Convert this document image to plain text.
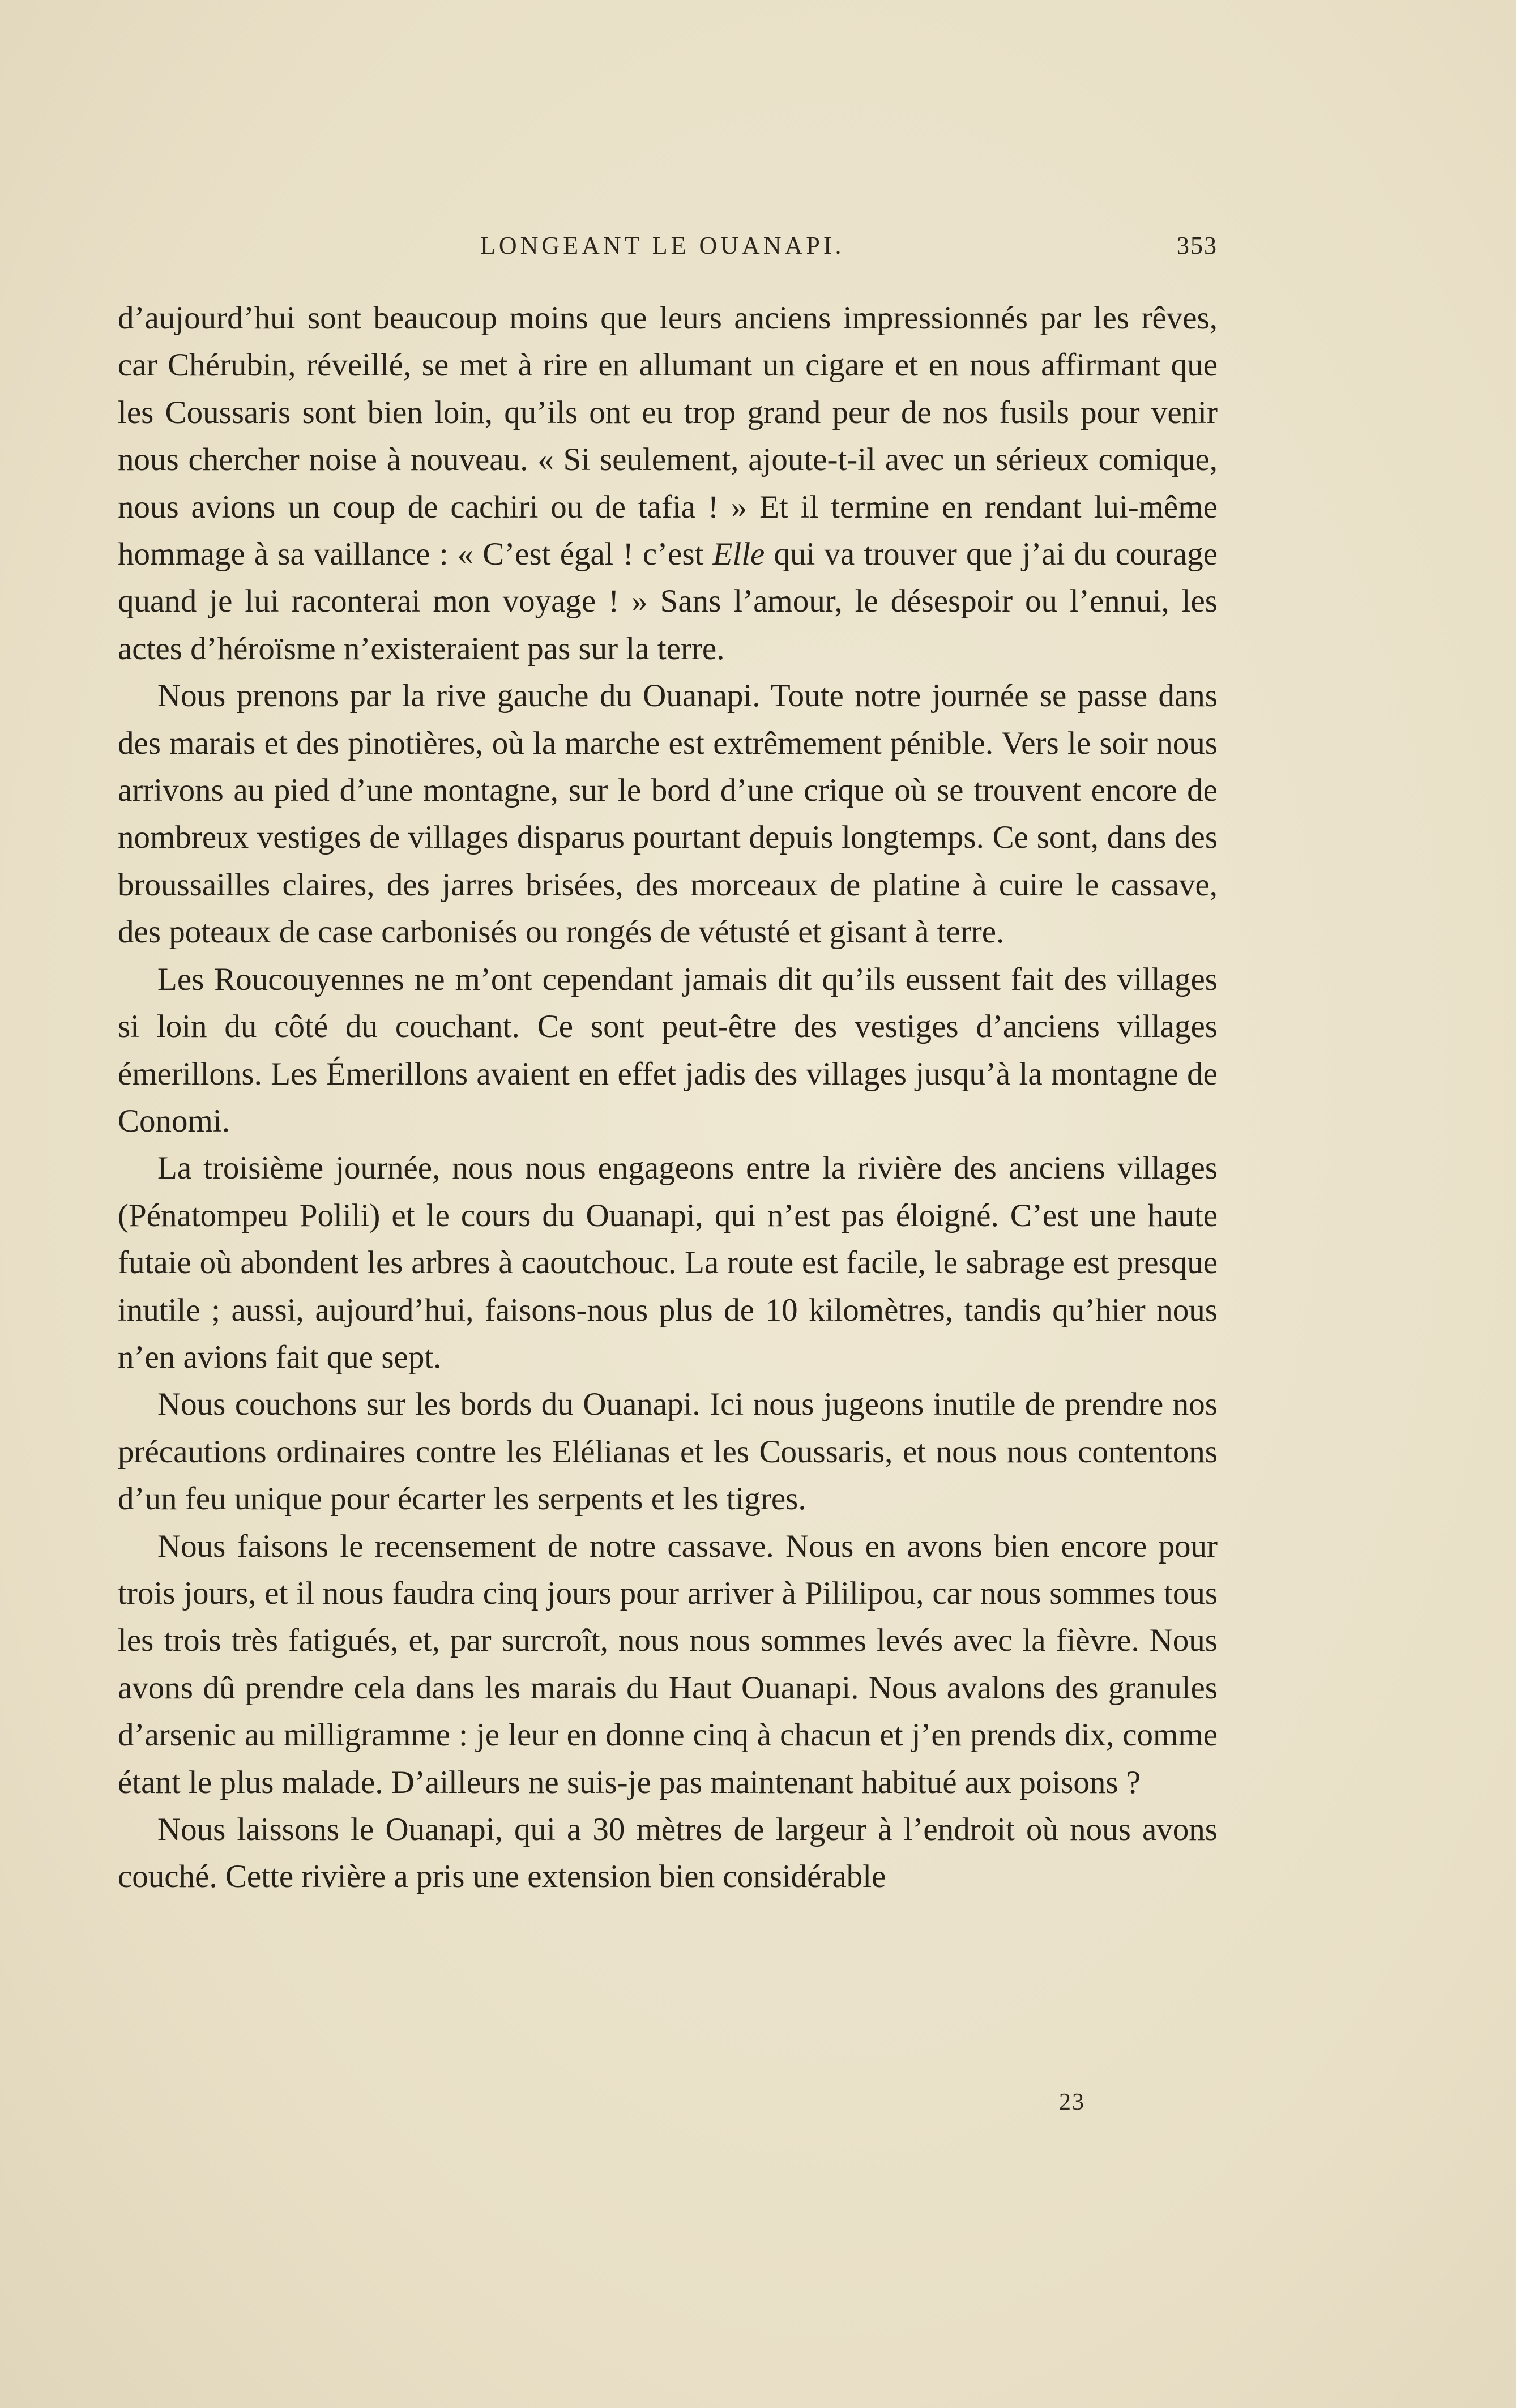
LONGEANT LE OUANAPI.	353

d’aujourd’hui sont beaucoup moins que leurs anciens impressionnés par les rêves, car Chérubin, réveillé, se met à rire en allumant un cigare et en nous affirmant que les Coussaris sont bien loin, qu’ils ont eu trop grand peur de nos fusils pour venir nous chercher noise à nouveau. « Si seulement, ajoute-t-il avec un sérieux comique, nous avions un coup de cachiri ou de tafia ! » Et il termine en rendant lui-même hommage à sa vaillance : « C’est égal ! c’est Elle qui va trouver que j’ai du courage quand je lui raconterai mon voyage ! » Sans l’amour, le désespoir ou l’ennui, les actes d’héroïsme n’existeraient pas sur la terre.

Nous prenons par la rive gauche du Ouanapi. Toute notre journée se passe dans des marais et des pinotières, où la marche est extrêmement pénible. Vers le soir nous arrivons au pied d’une montagne, sur le bord d’une crique où se trouvent encore de nombreux vestiges de villages disparus pourtant depuis longtemps. Ce sont, dans des broussailles claires, des jarres brisées, des morceaux de platine à cuire le cassave, des poteaux de case carbonisés ou rongés de vétusté et gisant à terre.

Les Roucouyennes ne m’ont cependant jamais dit qu’ils eussent fait des villages si loin du côté du couchant. Ce sont peut-être des vestiges d’anciens villages émerillons. Les Émerillons avaient en effet jadis des villages jusqu’à la montagne de Conomi.

La troisième journée, nous nous engageons entre la rivière des anciens villages (Pénatompeu Polili) et le cours du Ouanapi, qui n’est pas éloigné. C’est une haute futaie où abondent les arbres à caoutchouc. La route est facile, le sabrage est presque inutile ; aussi, aujourd’hui, faisons-nous plus de 10 kilomètres, tandis qu’hier nous n’en avions fait que sept.

Nous couchons sur les bords du Ouanapi. Ici nous jugeons inutile de prendre nos précautions ordinaires contre les Elélianas et les Coussaris, et nous nous contentons d’un feu unique pour écarter les serpents et les tigres.

Nous faisons le recensement de notre cassave. Nous en avons bien encore pour trois jours, et il nous faudra cinq jours pour arriver à Pililipou, car nous sommes tous les trois très fatigués, et, par surcroît, nous nous sommes levés avec la fièvre. Nous avons dû prendre cela dans les marais du Haut Ouanapi. Nous avalons des granules d’arsenic au milligramme : je leur en donne cinq à chacun et j’en prends dix, comme étant le plus malade. D’ailleurs ne suis-je pas maintenant habitué aux poisons ?

Nous laissons le Ouanapi, qui a 30 mètres de largeur à l’endroit où nous avons couché. Cette rivière a pris une extension bien considérable

23
